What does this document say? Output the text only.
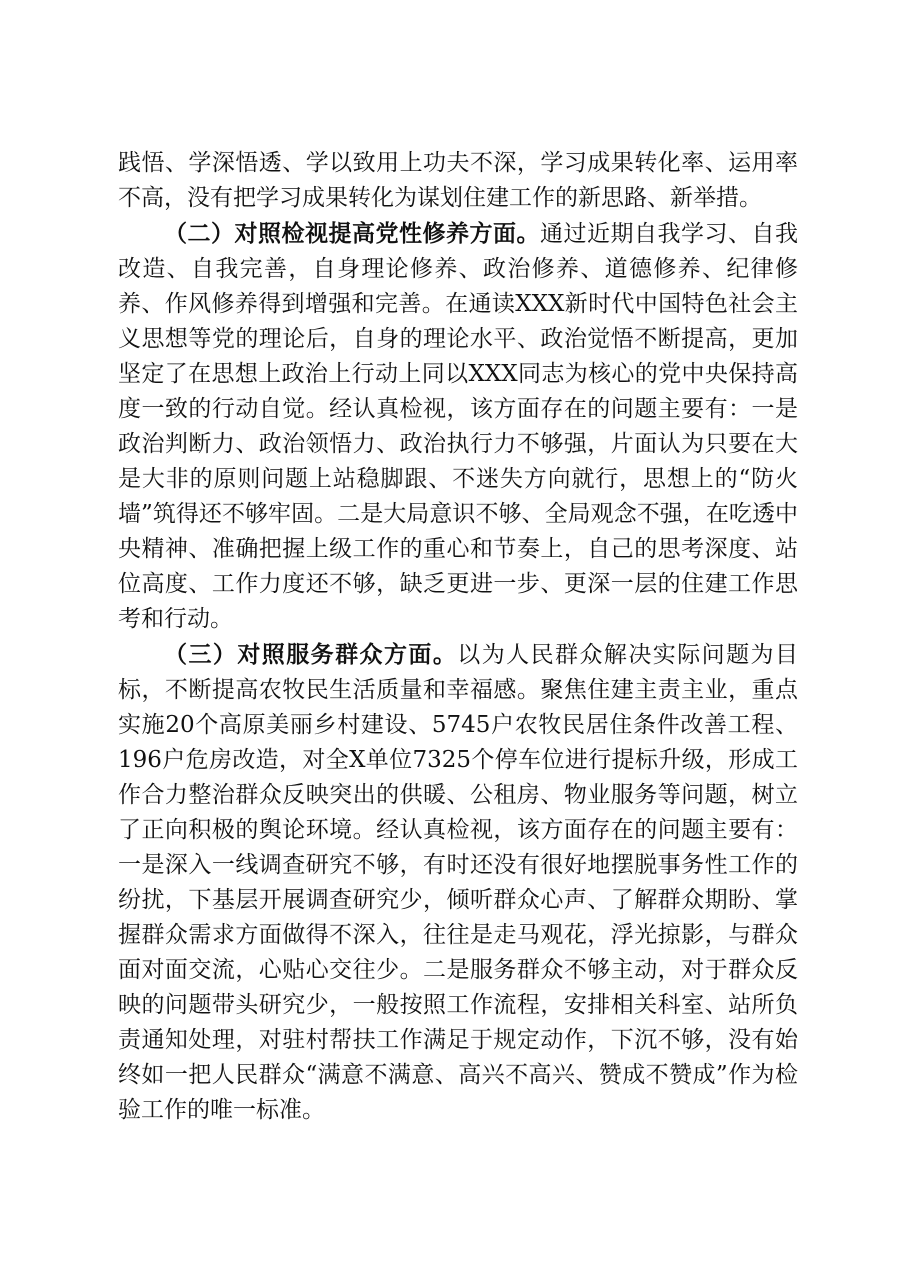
践悟、学深悟透、学以致用上功夫不深，学习成果转化率、运用率不高，没有把学习成果转化为谋划住建工作的新思路、新举措。

（二）对照检视提高党性修养方面。通过近期自我学习、自我改造、自我完善，自身理论修养、政治修养、道德修养、纪律修养、作风修养得到增强和完善。在通读XXX新时代中国特色社会主义思想等党的理论后，自身的理论水平、政治觉悟不断提高，更加坚定了在思想上政治上行动上同以XXX同志为核心的党中央保持高度一致的行动自觉。经认真检视，该方面存在的问题主要有：一是政治判断力、政治领悟力、政治执行力不够强，片面认为只要在大是大非的原则问题上站稳脚跟、不迷失方向就行，思想上的“防火墙”筑得还不够牢固。二是大局意识不够、全局观念不强，在吃透中央精神、准确把握上级工作的重心和节奏上，自己的思考深度、站位高度、工作力度还不够，缺乏更进一步、更深一层的住建工作思考和行动。

（三）对照服务群众方面。以为人民群众解决实际问题为目标，不断提高农牧民生活质量和幸福感。聚焦住建主责主业，重点实施20个高原美丽乡村建设、5745户农牧民居住条件改善工程、196户危房改造，对全X单位7325个停车位进行提标升级，形成工作合力整治群众反映突出的供暖、公租房、物业服务等问题，树立了正向积极的舆论环境。经认真检视，该方面存在的问题主要有：一是深入一线调查研究不够，有时还没有很好地摆脱事务性工作的纷扰，下基层开展调查研究少，倾听群众心声、了解群众期盼、掌握群众需求方面做得不深入，往往是走马观花，浮光掠影，与群众面对面交流，心贴心交往少。二是服务群众不够主动，对于群众反映的问题带头研究少，一般按照工作流程，安排相关科室、站所负责通知处理，对驻村帮扶工作满足于规定动作，下沉不够，没有始终如一把人民群众“满意不满意、高兴不高兴、赞成不赞成”作为检验工作的唯一标准。
